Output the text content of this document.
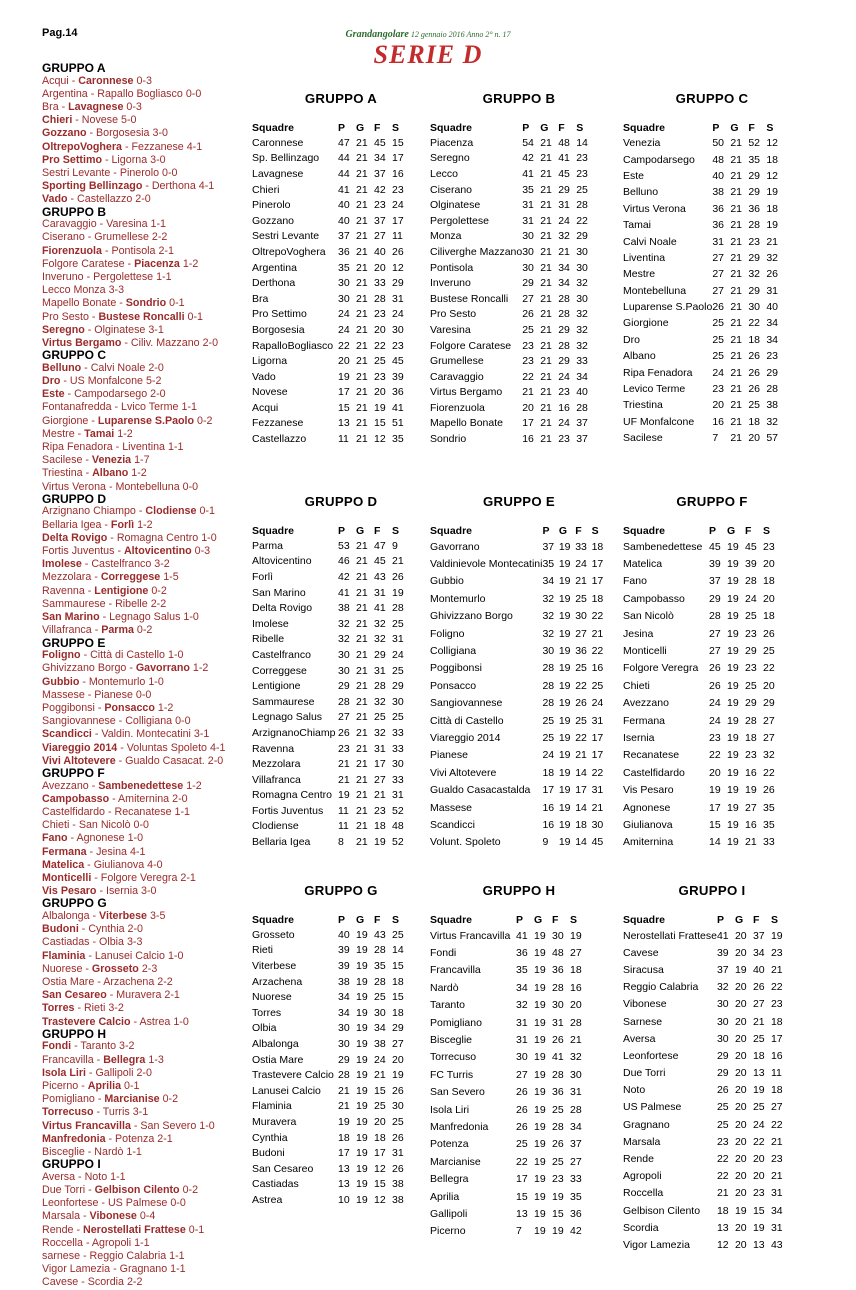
Pag.14	Grandangolare 12 gennaio 2016 Anno 2° n. 17
SERIE D
GRUPPO A
Acqui - Caronnese 0-3
Argentina - Rapallo Bogliasco 0-0
Bra - Lavagnese 0-3
Chieri - Novese 5-0
Gozzano - Borgosesia 3-0
OltrepoVoghera - Fezzanese 4-1
Pro Settimo - Ligorna 3-0
Sestri Levante - Pinerolo 0-0
Sporting Bellinzago - Derthona 4-1
Vado - Castellazzo 2-0
GRUPPO B
Caravaggio - Varesina 1-1
Ciserano - Grumellese 2-2
Fiorenzuola - Pontisola 2-1
Folgore Caratese - Piacenza 1-2
Inveruno - Pergolettese 1-1
Lecco Monza 3-3
Mapello Bonate - Sondrio 0-1
Pro Sesto - Bustese Roncalli 0-1
Seregno - Olginatese 3-1
Virtus Bergamo - Ciliv. Mazzano 2-0
GRUPPO C
Belluno - Calvi Noale 2-0
Dro - US Monfalcone 5-2
Este - Campodarsego 2-0
Fontanafredda - Lvico Terme 1-1
Giorgione - Luparense S.Paolo 0-2
Mestre - Tamai 1-2
Ripa Fenadora - Liventina 1-1
Sacilese - Venezia 1-7
Triestina - Albano 1-2
Virtus Verona - Montebelluna 0-0
GRUPPO D
Arzignano Chiampo - Clodiense 0-1
Bellaria Igea - Forlì 1-2
Delta Rovigo - Romagna Centro 1-0
Fortis Juventus - Altovicentino 0-3
Imolese - Castelfranco 3-2
Mezzolara - Correggese 1-5
Ravenna - Lentigione 0-2
Sammaurese - Ribelle 2-2
San Marino - Legnago Salus 1-0
Villafranca - Parma 0-2
GRUPPO E
Foligno - Città di Castello 1-0
Ghivizzano Borgo - Gavorrano 1-2
Gubbio - Montemurlo 1-0
Massese - Pianese 0-0
Poggibonsi - Ponsacco 1-2
Sangiovannese - Colligiana 0-0
Scandicci - Valdin. Montecatini 3-1
Viareggio 2014 - Voluntas Spoleto 4-1
Vivi Altotevere - Gualdo Casacat. 2-0
GRUPPO F
Avezzano - Sambenedettese 1-2
Campobasso - Amiternina 2-0
Castelfidardo - Recanatese 1-1
Chieti - San Nicolò 0-0
Fano - Agnonese 1-0
Fermana - Jesina 4-1
Matelica - Giulianova 4-0
Monticelli - Folgore Veregra 2-1
Vis Pesaro - Isernia 3-0
GRUPPO G
Albalonga - Viterbese 3-5
Budoni - Cynthia 2-0
Castiadas - Olbia 3-3
Flaminia - Lanusei Calcio 1-0
Nuorese - Grosseto 2-3
Ostia Mare - Arzachena 2-2
San Cesareo - Muravera 2-1
Torres - Rieti 3-2
Trastevere Calcio - Astrea 1-0
GRUPPO H
Fondi - Taranto 3-2
Francavilla - Bellegra 1-3
Isola Liri - Gallipoli 2-0
Picerno - Aprilia 0-1
Pomigliano - Marcianise 0-2
Torrecuso - Turris 3-1
Virtus Francavilla - San Severo 1-0
Manfredonia - Potenza 2-1
Bisceglie - Nardò 1-1
GRUPPO I
Aversa - Noto 1-1
Due Torri - Gelbison Cilento 0-2
Leonfortese - US Palmese 0-0
Marsala - Vibonese 0-4
Rende - Nerostellati Frattese 0-1
Roccella - Agropoli 1-1
sarnese - Reggio Calabria 1-1
Vigor Lamezia - Gragnano 1-1
Cavese - Scordia 2-2
GRUPPO A
Squadre	P	G	F	S
Caronnese	47	21	45	15
Sp. Bellinzago	44	21	34	17
Lavagnese	44	21	37	16
Chieri	41	21	42	23
Pinerolo	40	21	23	24
Gozzano	40	21	37	17
Sestri Levante	37	21	27	11
OltrepoVoghera	36	21	40	26
Argentina	35	21	20	12
Derthona	30	21	33	29
Bra	30	21	28	31
Pro Settimo	24	21	23	24
Borgosesia	24	21	20	30
RapalloBogliasco	22	21	22	23
Ligorna	20	21	25	45
Vado	19	21	23	39
Novese	17	21	20	36
Acqui	15	21	19	41
Fezzanese	13	21	15	51
Castellazzo	11	21	12	35
GRUPPO B
Squadre	P	G	F	S
Piacenza	54	21	48	14
Seregno	42	21	41	23
Lecco	41	21	45	23
Ciserano	35	21	29	25
Olginatese	31	21	31	28
Pergolettese	31	21	24	22
Monza	30	21	32	29
Ciliverghe Mazzano	30	21	21	30
Pontisola	30	21	34	30
Inveruno	29	21	34	32
Bustese Roncalli	27	21	28	30
Pro Sesto	26	21	28	32
Varesina	25	21	29	32
Folgore Caratese	23	21	28	32
Grumellese	23	21	29	33
Caravaggio	22	21	24	34
Virtus Bergamo	21	21	23	40
Fiorenzuola	20	21	16	28
Mapello Bonate	17	21	24	37
Sondrio	16	21	23	37
GRUPPO C
Squadre	P	G	F	S
Venezia	50	21	52	12
Campodarsego	48	21	35	18
Este	40	21	29	12
Belluno	38	21	29	19
Virtus Verona	36	21	36	18
Tamai	36	21	28	19
Calvi Noale	31	21	23	21
Liventina	27	21	29	32
Mestre	27	21	32	26
Montebelluna	27	21	29	31
Luparense S.Paolo	26	21	30	40
Giorgione	25	21	22	34
Dro	25	21	18	34
Albano	25	21	26	23
Ripa Fenadora	24	21	26	29
Levico Terme	23	21	26	28
Triestina	20	21	25	38
UF Monfalcone	16	21	18	32
Sacilese	7	21	20	57
GRUPPO D
Squadre	P	G	F	S
Parma	53	21	47	9
Altovicentino	46	21	45	21
Forlì	42	21	43	26
San Marino	41	21	31	19
Delta Rovigo	38	21	41	28
Imolese	32	21	32	25
Ribelle	32	21	32	31
Castelfranco	30	21	29	24
Correggese	30	21	31	25
Lentigione	29	21	28	29
Sammaurese	28	21	32	30
Legnago Salus	27	21	25	25
ArzignanoChiamp	26	21	32	33
Ravenna	23	21	31	33
Mezzolara	21	21	17	30
Villafranca	21	21	27	33
Romagna Centro	19	21	21	31
Fortis Juventus	11	21	23	52
Clodiense	11	21	18	48
Bellaria Igea	8	21	19	52
GRUPPO E
Squadre	P	G	F	S
Gavorrano	37	19	33	18
Valdinievole Montecatini	35	19	24	17
Gubbio	34	19	21	17
Montemurlo	32	19	25	18
Ghivizzano Borgo	32	19	30	22
Foligno	32	19	27	21
Colligiana	30	19	36	22
Poggibonsi	28	19	25	16
Ponsacco	28	19	22	25
Sangiovannese	28	19	26	24
Città di Castello	25	19	25	31
Viareggio 2014	25	19	22	17
Pianese	24	19	21	17
Vivi Altotevere	18	19	14	22
Gualdo Casacastalda	17	19	17	31
Massese	16	19	14	21
Scandicci	16	19	18	30
Volunt. Spoleto	9	19	14	45
GRUPPO F
Squadre	P	G	F	S
Sambenedettese	45	19	45	23
Matelica	39	19	39	20
Fano	37	19	28	18
Campobasso	29	19	24	20
San Nicolò	28	19	25	18
Jesina	27	19	23	26
Monticelli	27	19	29	25
Folgore Veregra	26	19	23	22
Chieti	26	19	25	20
Avezzano	24	19	29	29
Fermana	24	19	28	27
Isernia	23	19	18	27
Recanatese	22	19	23	32
Castelfidardo	20	19	16	22
Vis Pesaro	19	19	19	26
Agnonese	17	19	27	35
Giulianova	15	19	16	35
Amiternina	14	19	21	33
GRUPPO G
Squadre	P	G	F	S
Grosseto	40	19	43	25
Rieti	39	19	28	14
Viterbese	39	19	35	15
Arzachena	38	19	28	18
Nuorese	34	19	25	15
Torres	34	19	30	18
Olbia	30	19	34	29
Albalonga	30	19	38	27
Ostia Mare	29	19	24	20
Trastevere Calcio	28	19	21	19
Lanusei Calcio	21	19	15	26
Flaminia	21	19	25	30
Muravera	19	19	20	25
Cynthia	18	19	18	26
Budoni	17	19	17	31
San Cesareo	13	19	12	26
Castiadas	13	19	15	38
Astrea	10	19	12	38
GRUPPO H
Squadre	P	G	F	S
Virtus Francavilla	41	19	30	19
Fondi	36	19	48	27
Francavilla	35	19	36	18
Nardò	34	19	28	16
Taranto	32	19	30	20
Pomigliano	31	19	31	28
Bisceglie	31	19	26	21
Torrecuso	30	19	41	32
FC Turris	27	19	28	30
San Severo	26	19	36	31
Isola Liri	26	19	25	28
Manfredonia	26	19	28	34
Potenza	25	19	26	37
Marcianise	22	19	25	27
Bellegra	17	19	23	33
Aprilia	15	19	19	35
Gallipoli	13	19	15	36
Picerno	7	19	19	42
GRUPPO I
Squadre	P	G	F	S
Nerostellati Frattese	41	20	37	19
Cavese	39	20	34	23
Siracusa	37	19	40	21
Reggio Calabria	32	20	26	22
Vibonese	30	20	27	23
Sarnese	30	20	21	18
Aversa	30	20	25	17
Leonfortese	29	20	18	16
Due Torri	29	20	13	11
Noto	26	20	19	18
US Palmese	25	20	25	27
Gragnano	25	20	24	22
Marsala	23	20	22	21
Rende	22	20	20	23
Agropoli	22	20	20	21
Roccella	21	20	23	31
Gelbison Cilento	18	19	15	34
Scordia	13	20	19	31
Vigor Lamezia	12	20	13	43
